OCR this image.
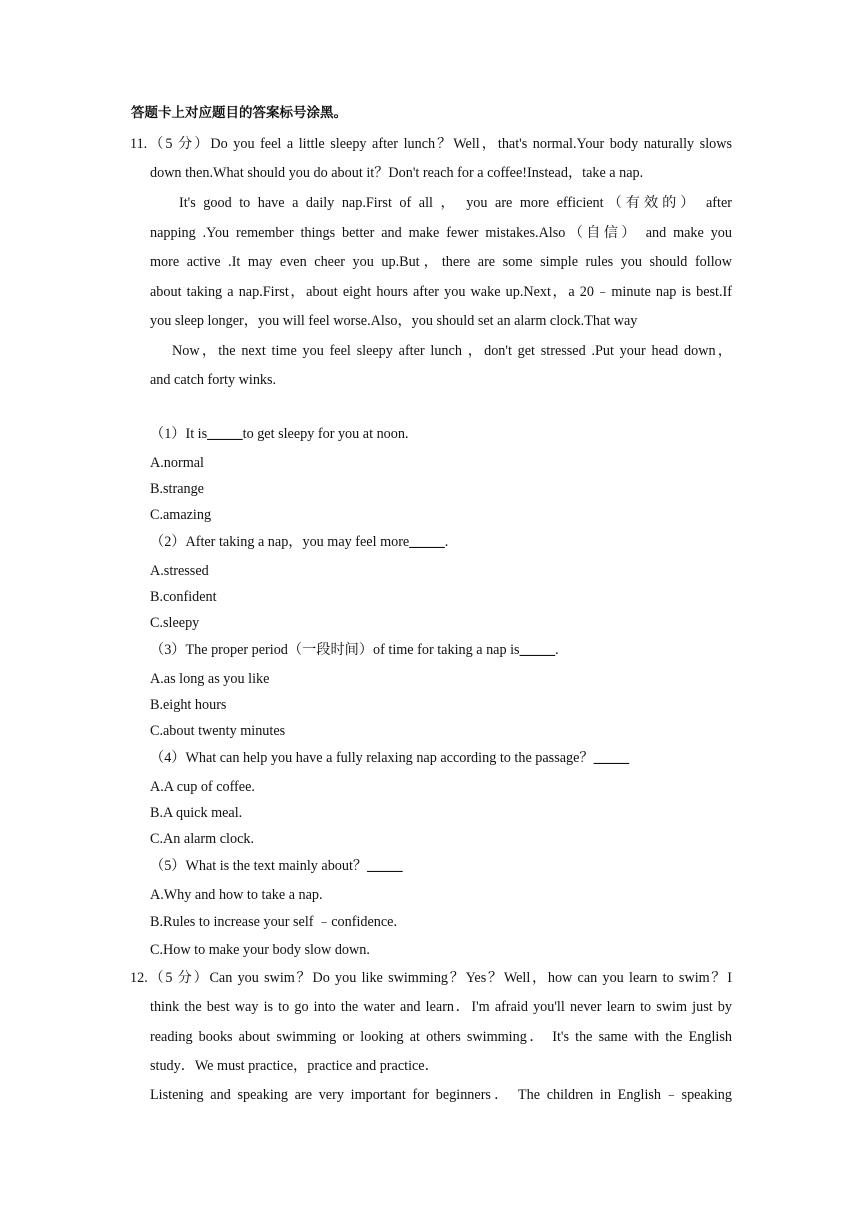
答题卡上对应题目的答案标号涂黑。
11.（5 分）Do you feel a little sleepy after lunch？Well，that's normal.Your body naturally slows
down then.What should you do about it？Don't reach for a coffee!Instead，take a nap.
It's good to have a daily nap.First of all ， you are more efficient（有效的） after
napping .You remember things better and make fewer mistakes.Also（自信） and make you
more active .It may even cheer you up.But，there are some simple rules you should follow
about taking a nap.First，about eight hours after you wake up.Next，a 20﹣minute nap is best.If
you sleep longer，you will feel worse.Also，you should set an alarm clock.That way
Now，the next time you feel sleepy after lunch ，don't get stressed .Put your head down，
and catch forty winks.
（1）It is_____to get sleepy for you at noon.
A.normal
B.strange
C.amazing
（2）After taking a nap，you may feel more_____.
A.stressed
B.confident
C.sleepy
（3）The proper period（一段时间）of time for taking a nap is_____.
A.as long as you like
B.eight hours
C.about twenty minutes
（4）What can help you have a fully relaxing nap according to the passage？_____
A.A cup of coffee.
B.A quick meal.
C.An alarm clock.
（5）What is the text mainly about？_____
A.Why and how to take a nap.
B.Rules to increase your self ﹣confidence.
C.How to make your body slow down.
12.（5 分）Can you swim？Do you like swimming？Yes？Well，how can you learn to swim？I
think the best way is to go into the water and learn．I'm afraid you'll never learn to swim just by
reading books about swimming or looking at others swimming． It's the same with the English
study．We must practice，practice and practice．
Listening and speaking are very important for beginners． The children in English﹣speaking
